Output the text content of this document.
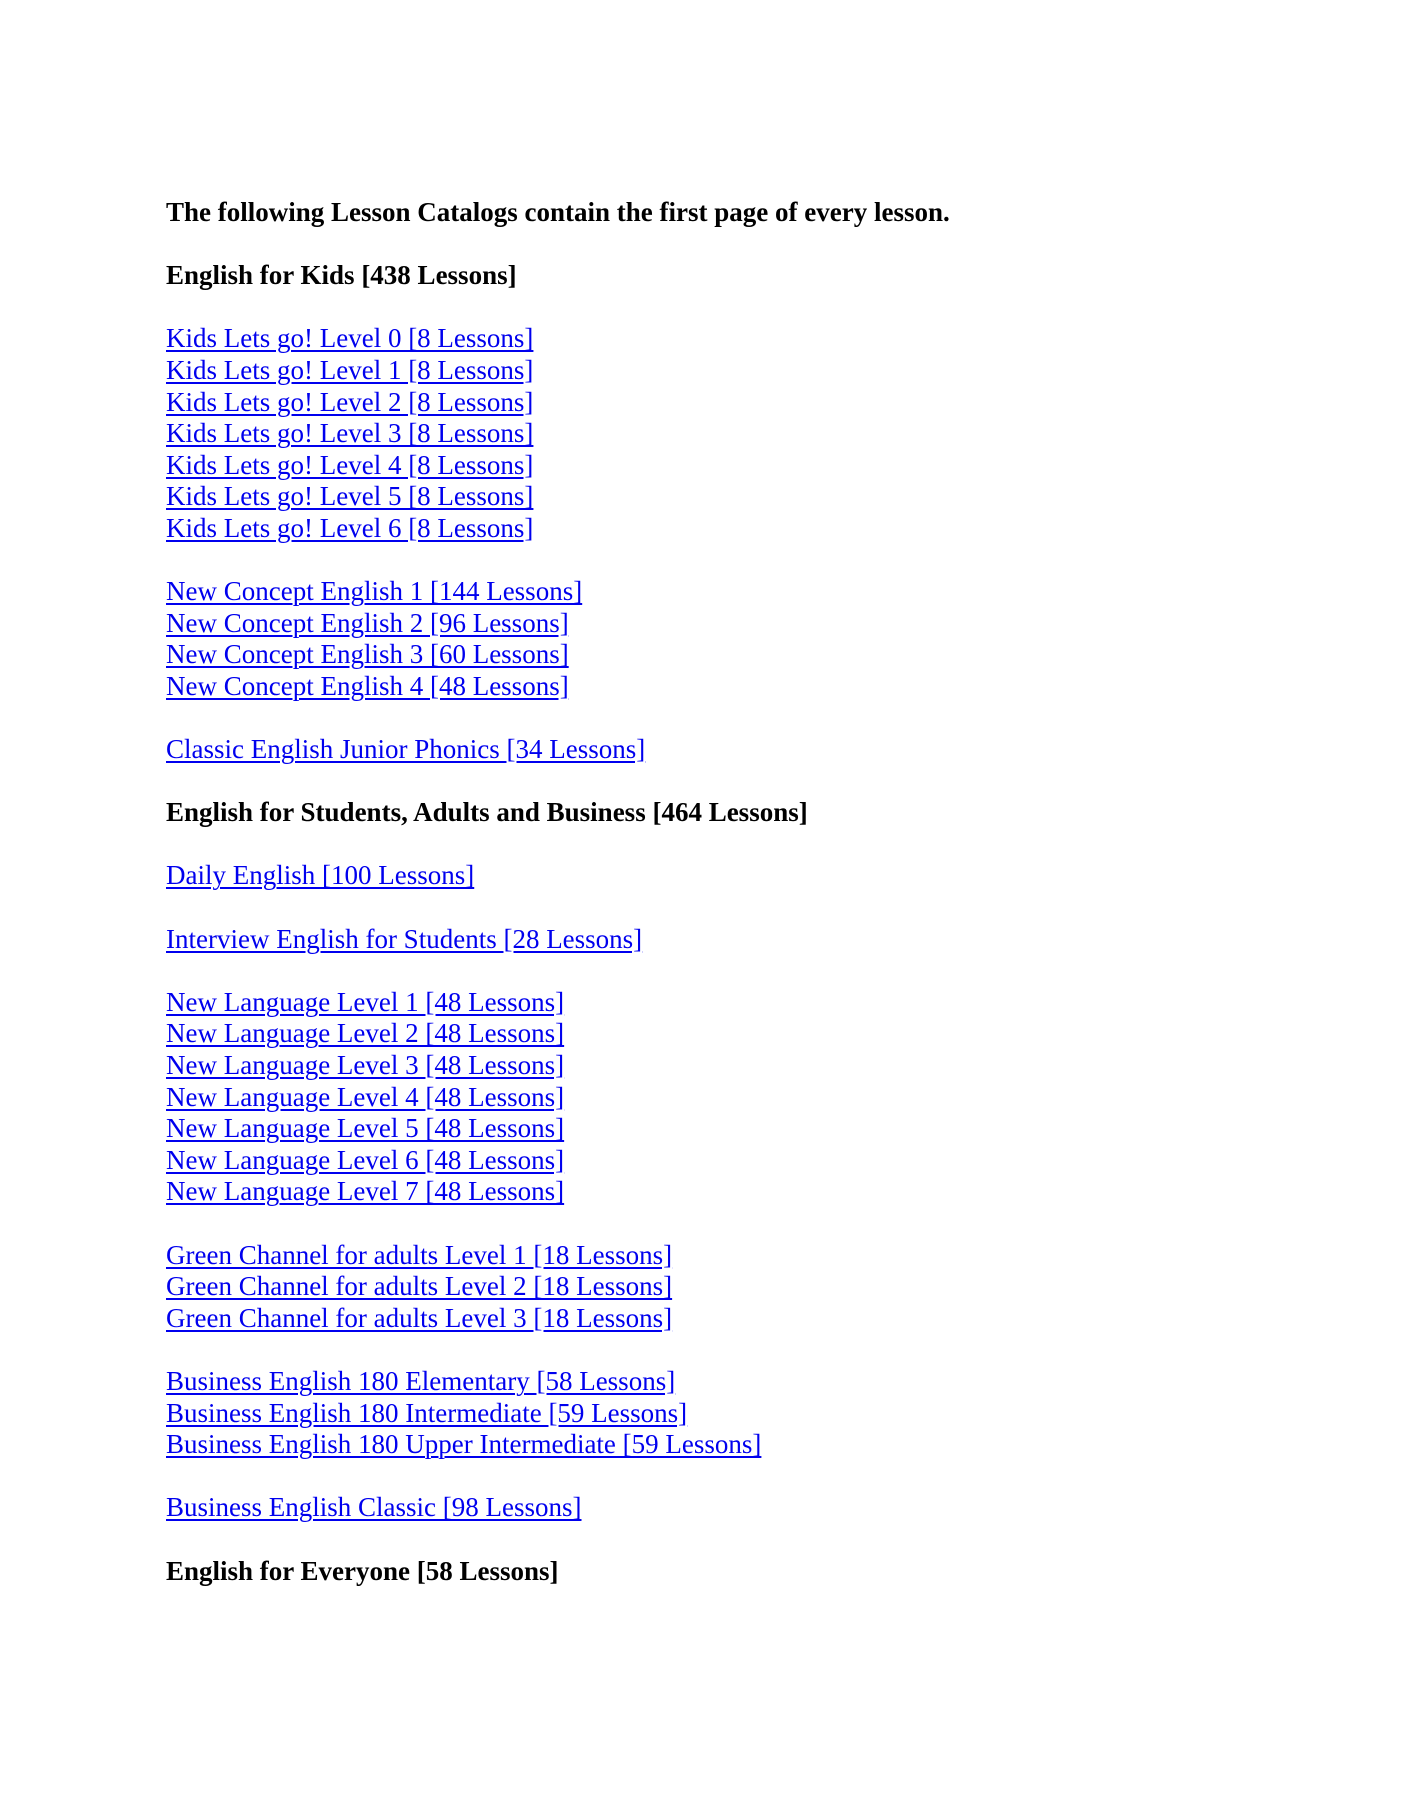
The following Lesson Catalogs contain the first page of every lesson.
English for Kids [438 Lessons]
Kids Lets go! Level 0 [8 Lessons]
Kids Lets go! Level 1 [8 Lessons]
Kids Lets go! Level 2 [8 Lessons]
Kids Lets go! Level 3 [8 Lessons]
Kids Lets go! Level 4 [8 Lessons]
Kids Lets go! Level 5 [8 Lessons]
Kids Lets go! Level 6 [8 Lessons]
New Concept English 1 [144 Lessons]
New Concept English 2 [96 Lessons]
New Concept English 3 [60 Lessons]
New Concept English 4 [48 Lessons]
Classic English Junior Phonics [34 Lessons]
English for Students, Adults and Business [464 Lessons]
Daily English [100 Lessons]
Interview English for Students [28 Lessons]
New Language Level 1 [48 Lessons]
New Language Level 2 [48 Lessons]
New Language Level 3 [48 Lessons]
New Language Level 4 [48 Lessons]
New Language Level 5 [48 Lessons]
New Language Level 6 [48 Lessons]
New Language Level 7 [48 Lessons]
Green Channel for adults Level 1 [18 Lessons]
Green Channel for adults Level 2 [18 Lessons]
Green Channel for adults Level 3 [18 Lessons]
Business English 180 Elementary [58 Lessons]
Business English 180 Intermediate [59 Lessons]
Business English 180 Upper Intermediate [59 Lessons]
Business English Classic [98 Lessons]
English for Everyone [58 Lessons]
